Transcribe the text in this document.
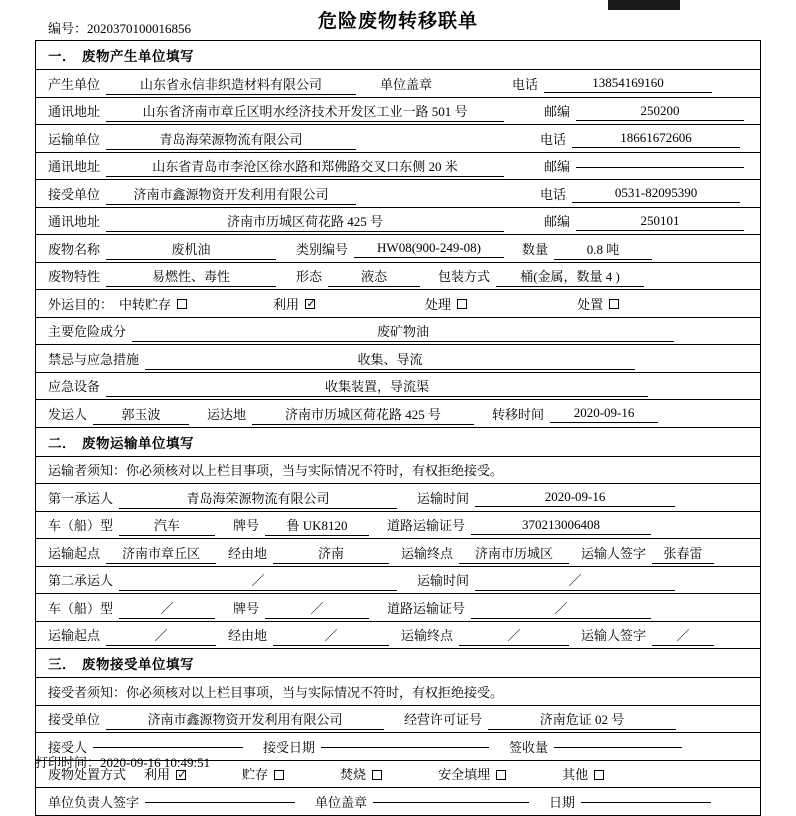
编号：2020370100016856	危险废物转移联单
一． 废物产生单位填写
产生单位	山东省永信非织造材料有限公司	单位盖章	电话	13854169160
通讯地址	山东省济南市章丘区明水经济技术开发区工业一路 501 号	邮编	250200
运输单位	青岛海荣源物流有限公司	电话	18661672606
通讯地址	山东省青岛市李沧区徐水路和郑佛路交叉口东侧 20 米	邮编
接受单位	济南市鑫源物资开发利用有限公司	电话	0531-82095390
通讯地址	济南市历城区荷花路 425 号	邮编	250101
废物名称	废机油	类别编号	HW08(900-249-08)	数量	0.8 吨
废物特性	易燃性、毒性	形态	液态	包装方式	桶(金属，数量 4 )
外运目的： 中转贮存	利用 ✓	处理	处置
主要危险成分	废矿物油
禁忌与应急措施	收集、导流
应急设备	收集装置，导流渠
发运人	郭玉波	运达地	济南市历城区荷花路 425 号	转移时间	2020-09-16
二． 废物运输单位填写
运输者须知：你必须核对以上栏目事项，当与实际情况不符时，有权拒绝接受。
第一承运人	青岛海荣源物流有限公司	运输时间	2020-09-16
车（船）型	汽车	牌号	鲁 UK8120	道路运输证号	370213006408
运输起点	济南市章丘区	经由地	济南	运输终点	济南市历城区	运输人签字	张春雷
第二承运人	／	运输时间	／
车（船）型	／	牌号	／	道路运输证号	／
运输起点	／	经由地	／	运输终点	／	运输人签字	／
三． 废物接受单位填写
接受者须知：你必须核对以上栏目事项，当与实际情况不符时，有权拒绝接受。
接受单位	济南市鑫源物资开发利用有限公司	经营许可证号	济南危证 02 号
接受人	接受日期	签收量
废物处置方式 利用 ✓	贮存	焚烧	安全填埋	其他
单位负责人签字	单位盖章	日期
打印时间：2020-09-16 10:49:51
